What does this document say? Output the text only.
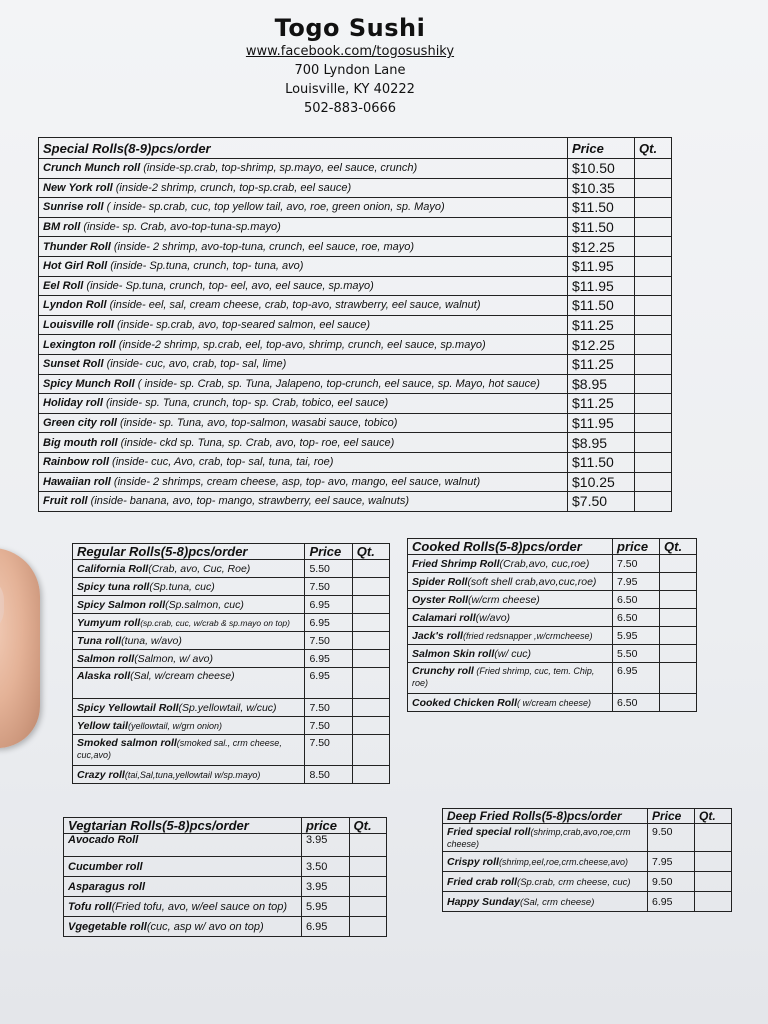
Togo Sushi
www.facebook.com/togosushiky
700 Lyndon Lane
Louisville, KY 40222
502-883-0666
Special Rolls(8-9)pcs/order	Price	Qt.
Crunch Munch roll (inside-sp.crab, top-shrimp, sp.mayo, eel sauce, crunch)	$10.50	
New York roll (inside-2 shrimp, crunch, top-sp.crab, eel sauce)	$10.35	
Sunrise roll ( inside- sp.crab, cuc, top yellow tail, avo, roe, green onion, sp. Mayo)	$11.50	
BM roll (inside- sp. Crab, avo-top-tuna-sp.mayo)	$11.50	
Thunder Roll (inside- 2 shrimp, avo-top-tuna, crunch, eel sauce, roe, mayo)	$12.25	
Hot Girl Roll (inside- Sp.tuna, crunch, top- tuna, avo)	$11.95	
Eel Roll (inside- Sp.tuna, crunch, top- eel, avo, eel sauce, sp.mayo)	$11.95	
Lyndon Roll (inside- eel, sal, cream cheese, crab, top-avo, strawberry, eel sauce, walnut)	$11.50	
Louisville roll (inside- sp.crab, avo, top-seared salmon, eel sauce)	$11.25	
Lexington roll (inside-2 shrimp, sp.crab, eel, top-avo, shrimp, crunch, eel sauce, sp.mayo)	$12.25	
Sunset Roll (inside- cuc, avo, crab, top- sal, lime)	$11.25	
Spicy Munch Roll ( inside- sp. Crab, sp. Tuna, Jalapeno, top-crunch, eel sauce, sp. Mayo, hot sauce)	$8.95	
Holiday roll (inside- sp. Tuna, crunch, top- sp. Crab, tobico, eel sauce)	$11.25	
Green city roll (inside- sp. Tuna, avo, top-salmon, wasabi sauce, tobico)	$11.95	
Big mouth roll (inside- ckd sp. Tuna, sp. Crab, avo, top- roe, eel sauce)	$8.95	
Rainbow roll (inside- cuc, Avo, crab, top- sal, tuna, tai, roe)	$11.50	
Hawaiian roll (inside- 2 shrimps, cream cheese, asp, top- avo, mango, eel sauce, walnut)	$10.25	
Fruit roll (inside- banana, avo, top- mango, strawberry, eel sauce, walnuts)	$7.50	
Regular Rolls(5-8)pcs/order	Price	Qt.
California Roll(Crab, avo, Cuc, Roe)	5.50	
Spicy tuna roll(Sp.tuna, cuc)	7.50	
Spicy Salmon roll(Sp.salmon, cuc)	6.95	
Yumyum roll(sp.crab, cuc, w/crab & sp.mayo on top)	6.95	
Tuna roll(tuna, w/avo)	7.50	
Salmon roll(Salmon, w/ avo)	6.95	
Alaska roll(Sal, w/cream cheese)	6.95	
Spicy Yellowtail Roll(Sp.yellowtail, w/cuc)	7.50	
Yellow tail(yellowtail, w/grn onion)	7.50	
Smoked salmon roll(smoked sal., crm cheese, cuc,avo)	7.50	
Crazy roll(tai,Sal,tuna,yellowtail w/sp.mayo)	8.50	
Cooked Rolls(5-8)pcs/order	price	Qt.
Fried Shrimp Roll(Crab,avo, cuc,roe)	7.50	
Spider Roll(soft shell crab,avo,cuc,roe)	7.95	
Oyster Roll(w/crm cheese)	6.50	
Calamari roll(w/avo)	6.50	
Jack's roll(fried redsnapper ,w/crmcheese)	5.95	
Salmon Skin roll(w/ cuc)	5.50	
Crunchy roll (Fried shrimp, cuc, tem. Chip, roe)	6.95	
Cooked Chicken Roll( w/cream cheese)	6.50	
Vegtarian Rolls(5-8)pcs/order	price	Qt.
Avocado Roll	3.95	
Cucumber roll	3.50	
Asparagus roll	3.95	
Tofu roll(Fried tofu, avo, w/eel sauce on top)	5.95	
Vgegetable roll(cuc, asp w/ avo on top)	6.95	
Deep Fried Rolls(5-8)pcs/order	Price	Qt.
Fried special roll(shrimp,crab,avo,roe,crm cheese)	9.50	
Crispy roll(shrimp,eel,roe,crm.cheese,avo)	7.95	
Fried crab roll(Sp.crab, crm cheese, cuc)	9.50	
Happy Sunday(Sal, crm cheese)	6.95	
